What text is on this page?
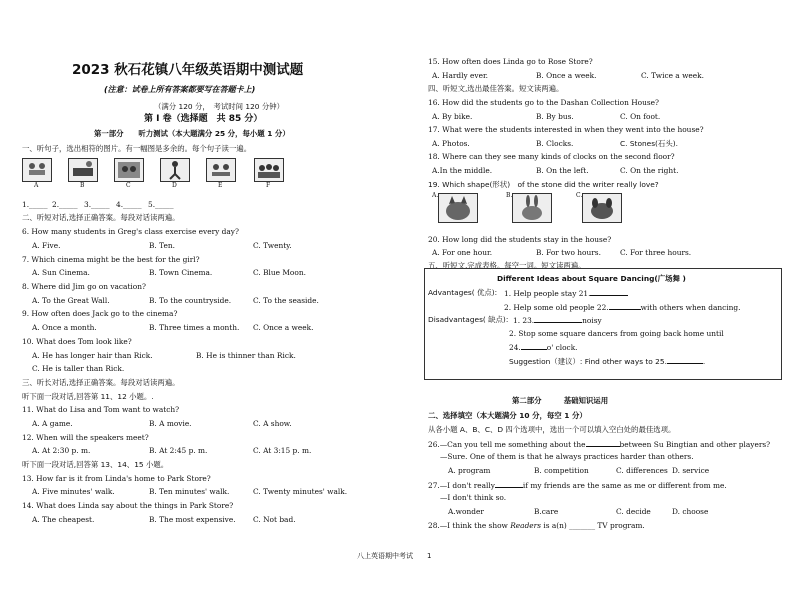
2023 秋石花镇八年级英语期中测试题
(注意：试卷上所有答案都要写在答题卡上)
（满分 120 分，　考试时间 120 分钟）
第 I 卷（选择题　共 85 分）
第一部分　　听力测试（本大题满分 25 分，每小题 1 分）
一、听句子，选出相符的图片。有一幅图是多余的。每个句子读一遍。
A	B	C	D	E	F
1._____ 2._____ 3._____ 4._____ 5._____
二、听短对话,选择正确答案。每段对话读两遍。
6. How many students in Greg's class exercise every day?
A. Five.	B. Ten.	C. Twenty.
7. Which cinema might be the best for the girl?
A. Sun Cinema.	B. Town Cinema.	C. Blue Moon.
8. Where did Jim go on vacation?
A. To the Great Wall.	B. To the countryside.	C. To the seaside.
9. How often does Jack go to the cinema?
A. Once a month.	B. Three times a month. C. Once a week.
10. What does Tom look like?
A. He has longer hair than Rick.	B. He is thinner than Rick.
C. He is taller than Rick.
三、听长对话,选择正确答案。每段对话读两遍。
听下面一段对话,回答第 11、12 小题。.
11. What do Lisa and Tom want to watch?
A. A game.	B. A movie.	C. A show.
12. When will the speakers meet?
A. At 2:30 p. m.	B. At 2:45 p. m.	C. At 3:15 p. m.
听下面一段对话,回答第 13、14、15 小题。
13. How far is it from Linda's home to Park Store?
A. Five minutes' walk.	B. Ten minutes' walk.	C. Twenty minutes' walk.
14. What does Linda say about the things in Park Store?
A. The cheapest.	B. The most expensive. C. Not bad.
15. How often does Linda go to Rose Store?
A. Hardly ever.	B. Once a week.	C. Twice a week.
四、听短文,选出最佳答案。短文读两遍。
16. How did the students go to the Dashan Collection House?
A. By bike.	B. By bus.	C. On foot.
17. What were the students interested in when they went into the house?
A. Photos.	B. Clocks.	C. Stones(石头).
18. Where can they see many kinds of clocks on the second floor?
A.In the middle.	B. On the left.	C. On the right.
19. Which shape(形状)　of the stone did the writer really love?
A.	B.	C.
20. How long did the students stay in the house?
A. For one hour.	B. For two hours.	C. For three hours.
五、听短文,完成表格。每空一词。短文读两遍。
Different Ideas about Square Dancing(广场舞 )
Advantages( 优点): 1. Help people stay 21.
2. Help some old people 22.	with others when dancing.
Disadvantages( 缺点): 1. 23.	noisy
2. Stop some square dancers from going back home until
24.	o' clock.
Suggestion（建议）: Find other ways to 25.	.
第二部分　　　基础知识运用
二、选择填空（本大题满分 10 分，每空 1 分）
从各小题 A、B、C、D 四个选项中，选出一个可以填入空白处的最佳选项。
26.—Can you tell me something about the	between Su Bingtian and other players?
—Sure. One of them is that he always practices harder than others.
A. program	B. competition	C. differences D. service
27.—I don't really	if my friends are the same as me or different from me.
—I don't think so.
A.wonder	B.care	C. decide	D. choose
28.—I think the show Readers is a(n) _______ TV program.
八上英语期中考试　　1
